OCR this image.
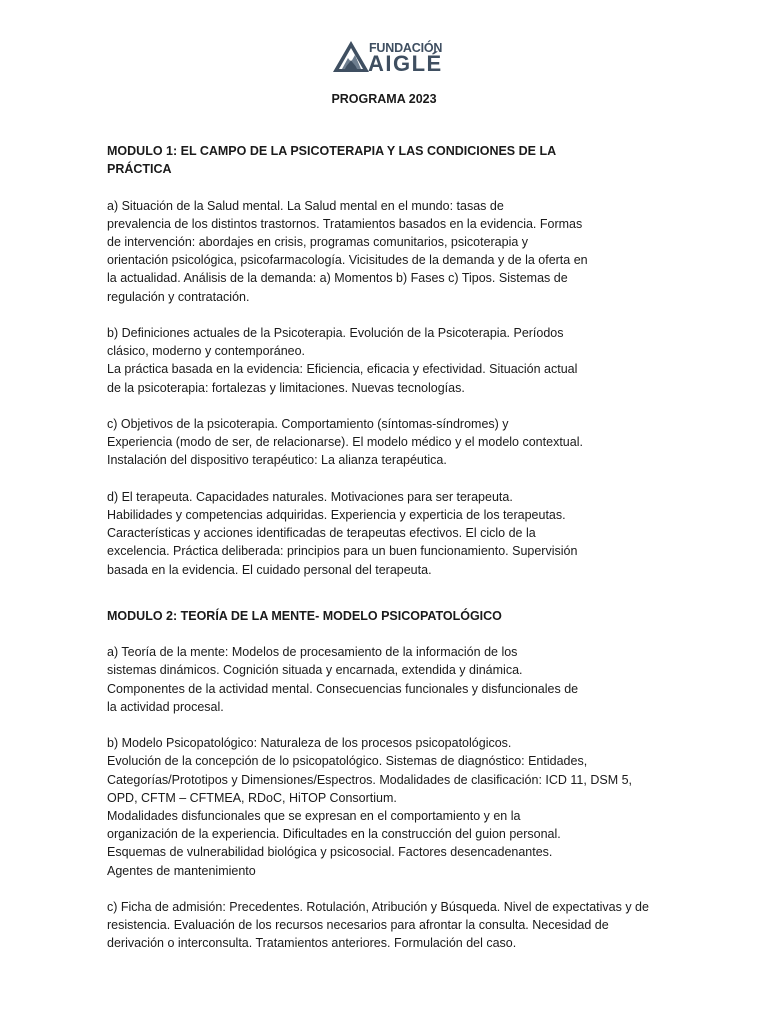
FUNDACIÓN
AIGLÉ
PROGRAMA 2023
MODULO 1: EL CAMPO DE LA PSICOTERAPIA Y LAS CONDICIONES DE LA
PRÁCTICA

a) Situación de la Salud mental. La Salud mental en el mundo: tasas de
prevalencia de los distintos trastornos. Tratamientos basados en la evidencia. Formas
de intervención: abordajes en crisis, programas comunitarios, psicoterapia y
orientación psicológica, psicofarmacología. Vicisitudes de la demanda y de la oferta en
la actualidad. Análisis de la demanda: a) Momentos b) Fases c) Tipos. Sistemas de
regulación y contratación.

b) Definiciones actuales de la Psicoterapia. Evolución de la Psicoterapia. Períodos
clásico, moderno y contemporáneo.
La práctica basada en la evidencia: Eficiencia, eficacia y efectividad. Situación actual
de la psicoterapia: fortalezas y limitaciones. Nuevas tecnologías.

c) Objetivos de la psicoterapia. Comportamiento (síntomas-síndromes) y
Experiencia (modo de ser, de relacionarse). El modelo médico y el modelo contextual.
Instalación del dispositivo terapéutico: La alianza terapéutica.

d) El terapeuta. Capacidades naturales. Motivaciones para ser terapeuta.
Habilidades y competencias adquiridas. Experiencia y experticia de los terapeutas.
Características y acciones identificadas de terapeutas efectivos. El ciclo de la
excelencia. Práctica deliberada: principios para un buen funcionamiento. Supervisión
basada en la evidencia. El cuidado personal del terapeuta.

MODULO 2: TEORÍA DE LA MENTE- MODELO PSICOPATOLÓGICO

a) Teoría de la mente: Modelos de procesamiento de la información de los
sistemas dinámicos. Cognición situada y encarnada, extendida y dinámica.
Componentes de la actividad mental. Consecuencias funcionales y disfuncionales de
la actividad procesal.

b) Modelo Psicopatológico: Naturaleza de los procesos psicopatológicos.
Evolución de la concepción de lo psicopatológico. Sistemas de diagnóstico: Entidades,
Categorías/Prototipos y Dimensiones/Espectros. Modalidades de clasificación: ICD 11, DSM 5,
OPD, CFTM – CFTMEA, RDoC, HiTOP Consortium.
Modalidades disfuncionales que se expresan en el comportamiento y en la
organización de la experiencia. Dificultades en la construcción del guion personal.
Esquemas de vulnerabilidad biológica y psicosocial. Factores desencadenantes.
Agentes de mantenimiento

c) Ficha de admisión: Precedentes. Rotulación, Atribución y Búsqueda. Nivel de expectativas y de
resistencia. Evaluación de los recursos necesarios para afrontar la consulta. Necesidad de
derivación o interconsulta. Tratamientos anteriores. Formulación del caso.
